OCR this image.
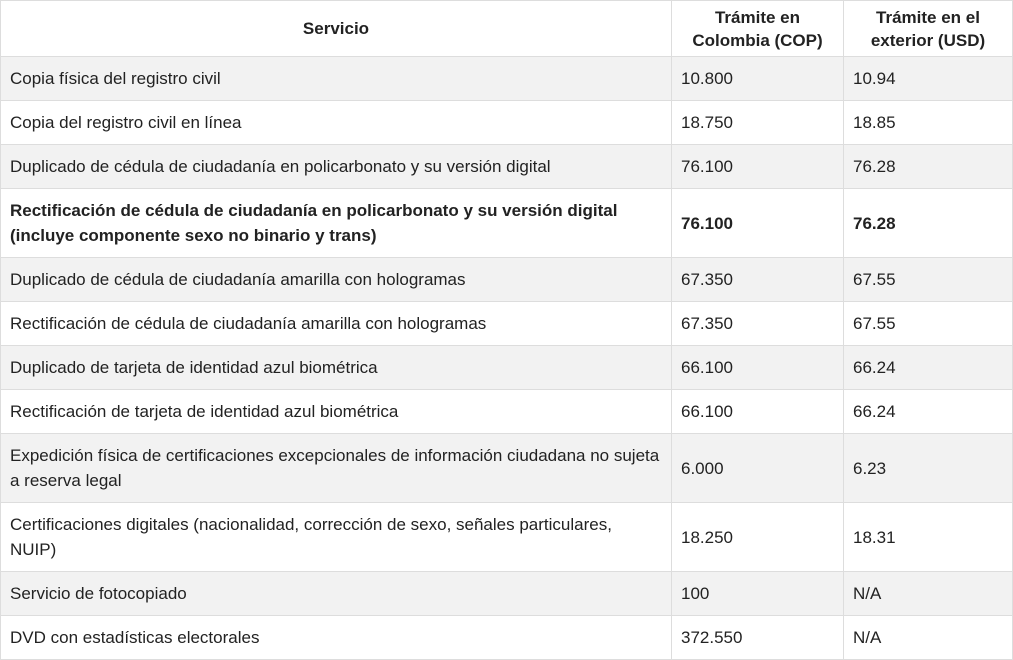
Servicio	Trámite en Colombia (COP)	Trámite en el exterior (USD)
Copia física del registro civil	10.800	10.94
Copia del registro civil en línea	18.750	18.85
Duplicado de cédula de ciudadanía en policarbonato y su versión digital	76.100	76.28
Rectificación de cédula de ciudadanía en policarbonato y su versión digital (incluye componente sexo no binario y trans)	76.100	76.28
Duplicado de cédula de ciudadanía amarilla con hologramas	67.350	67.55
Rectificación de cédula de ciudadanía amarilla con hologramas	67.350	67.55
Duplicado de tarjeta de identidad azul biométrica	66.100	66.24
Rectificación de tarjeta de identidad azul biométrica	66.100	66.24
Expedición física de certificaciones excepcionales de información ciudadana no sujeta a reserva legal	6.000	6.23
Certificaciones digitales (nacionalidad, corrección de sexo, señales particulares, NUIP)	18.250	18.31
Servicio de fotocopiado	100	N/A
DVD con estadísticas electorales	372.550	N/A
